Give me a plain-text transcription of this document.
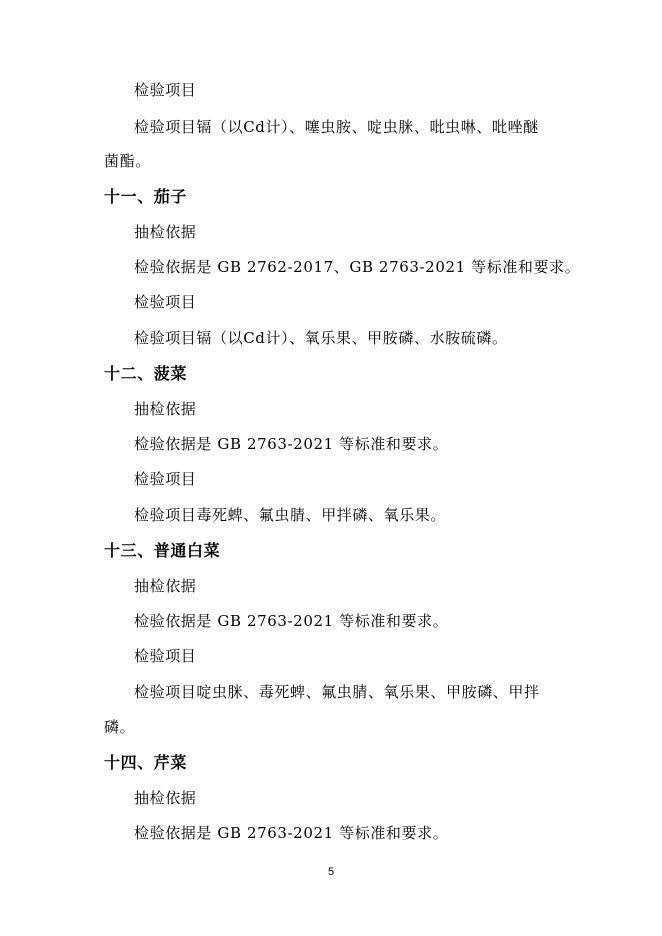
检验项目
检验项目镉（以Cd计）、噻虫胺、啶虫脒、吡虫啉、吡唑醚
菌酯。
十一、茄子
抽检依据
检验依据是 GB 2762-2017、GB 2763-2021 等标准和要求。
检验项目
检验项目镉（以Cd计）、氧乐果、甲胺磷、水胺硫磷。
十二、菠菜
抽检依据
检验依据是 GB 2763-2021 等标准和要求。
检验项目
检验项目毒死蜱、氟虫腈、甲拌磷、氧乐果。
十三、普通白菜
抽检依据
检验依据是 GB 2763-2021 等标准和要求。
检验项目
检验项目啶虫脒、毒死蜱、氟虫腈、氧乐果、甲胺磷、甲拌
磷。
十四、芹菜
抽检依据
检验依据是 GB 2763-2021 等标准和要求。
5
